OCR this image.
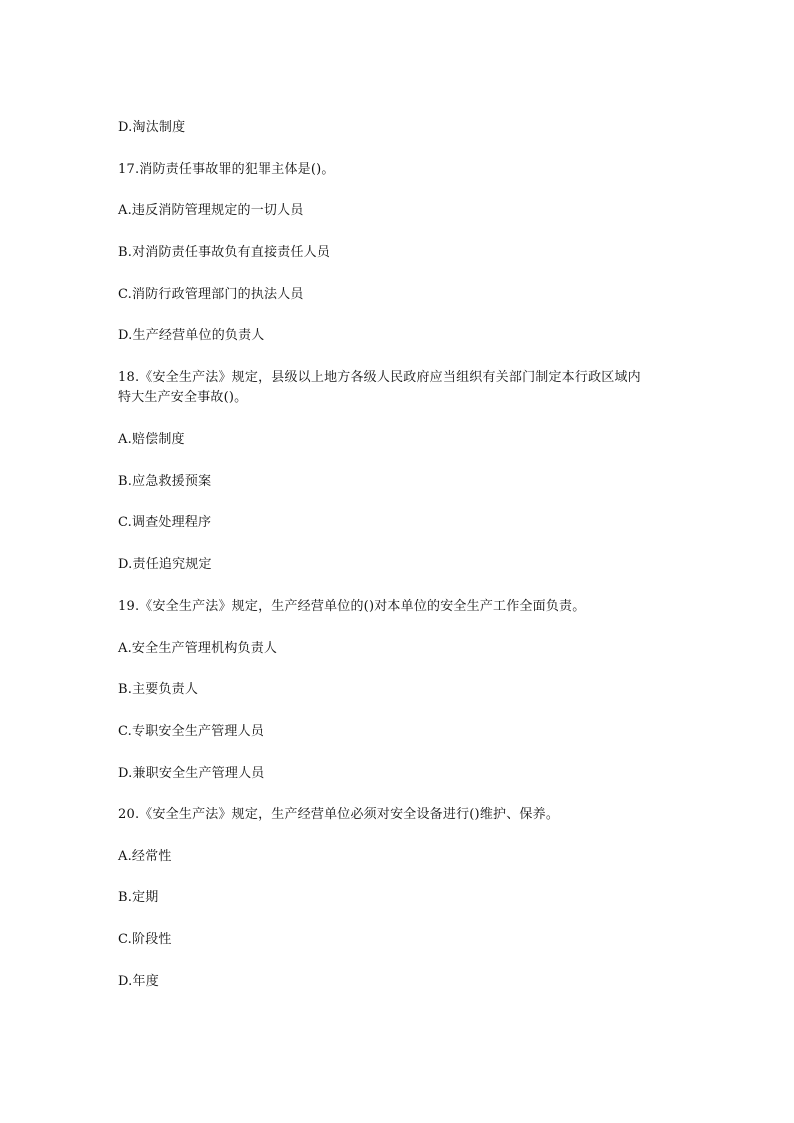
D.淘汰制度
17.消防责任事故罪的犯罪主体是()。
A.违反消防管理规定的一切人员
B.对消防责任事故负有直接责任人员
C.消防行政管理部门的执法人员
D.生产经营单位的负责人
18.《安全生产法》规定，县级以上地方各级人民政府应当组织有关部门制定本行政区域内
特大生产安全事故()。
A.赔偿制度
B.应急救援预案
C.调查处理程序
D.责任追究规定
19.《安全生产法》规定，生产经营单位的()对本单位的安全生产工作全面负责。
A.安全生产管理机构负责人
B.主要负责人
C.专职安全生产管理人员
D.兼职安全生产管理人员
20.《安全生产法》规定，生产经营单位必须对安全设备进行()维护、保养。
A.经常性
B.定期
C.阶段性
D.年度
